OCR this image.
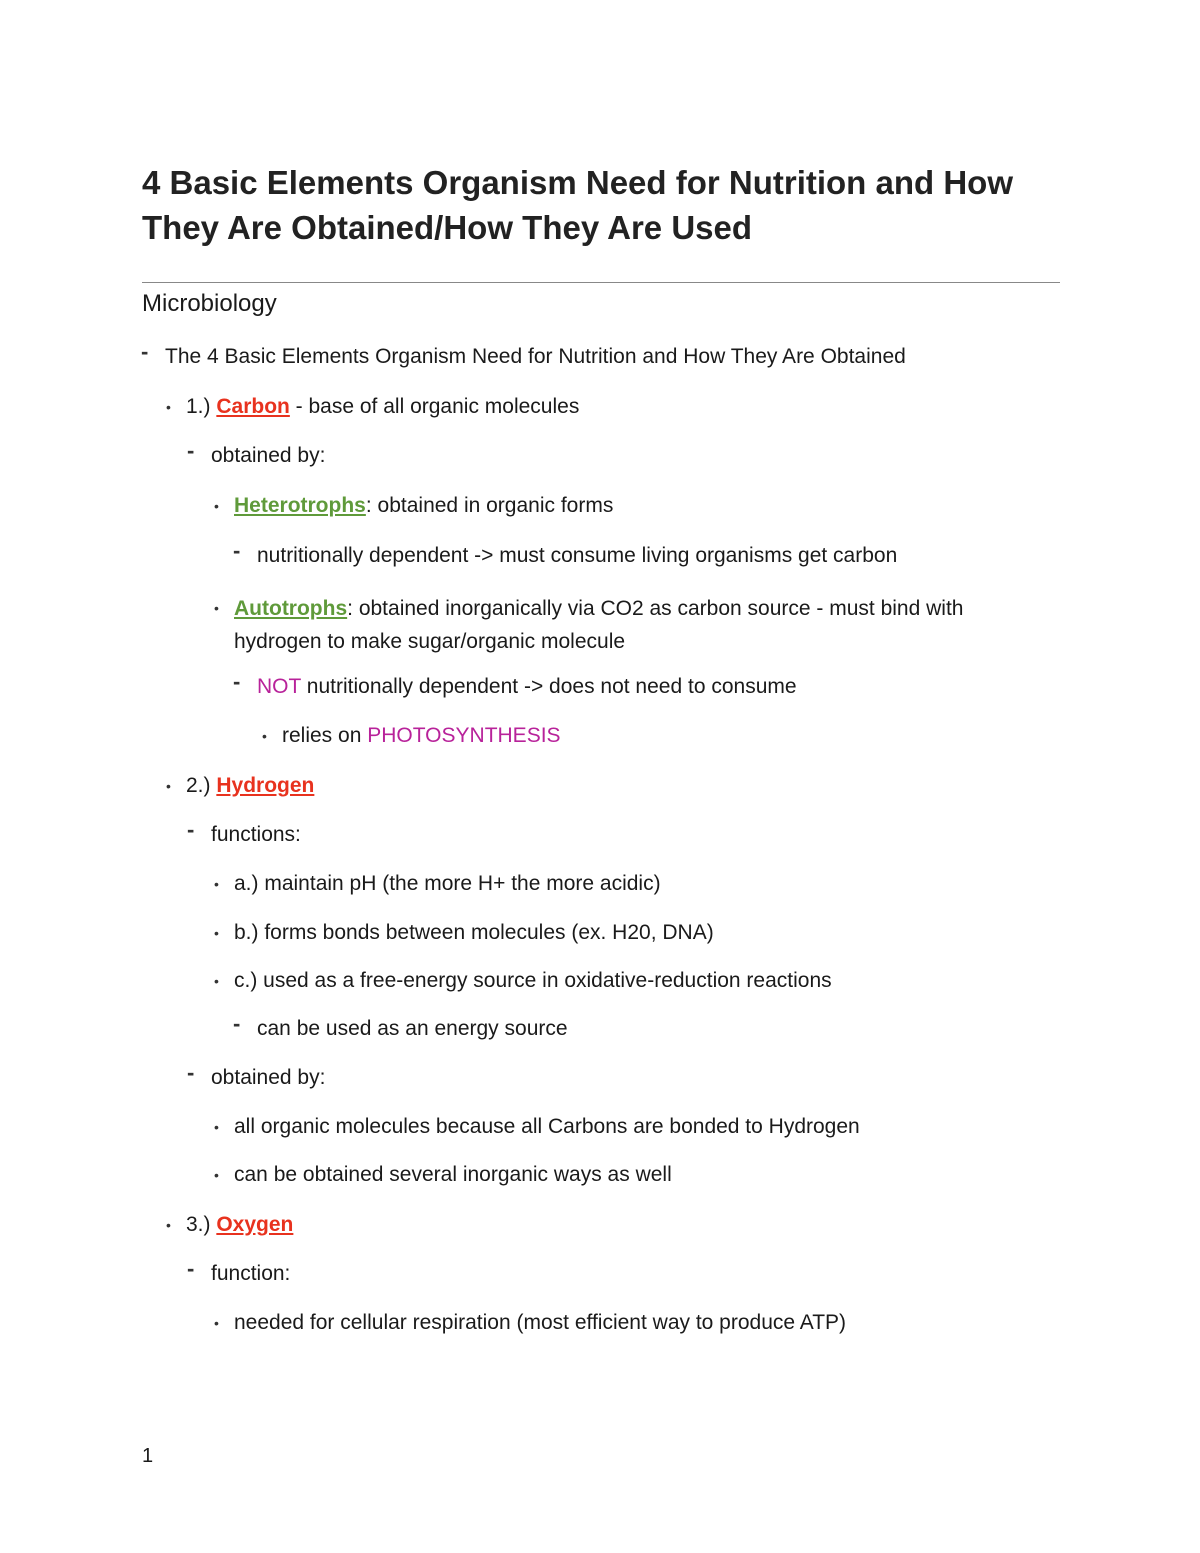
4 Basic Elements Organism Need for Nutrition and How They Are Obtained/How They Are Used
Microbiology
- The 4 Basic Elements Organism Need for Nutrition and How They Are Obtained
• 1.) Carbon - base of all organic molecules
- obtained by:
• Heterotrophs: obtained in organic forms
- nutritionally dependent -> must consume living organisms get carbon
• Autotrophs: obtained inorganically via CO2 as carbon source - must bind with hydrogen to make sugar/organic molecule
- NOT nutritionally dependent -> does not need to consume
• relies on PHOTOSYNTHESIS
• 2.) Hydrogen
- functions:
• a.) maintain pH (the more H+ the more acidic)
• b.) forms bonds between molecules (ex. H20, DNA)
• c.) used as a free-energy source in oxidative-reduction reactions
- can be used as an energy source
- obtained by:
• all organic molecules because all Carbons are bonded to Hydrogen
• can be obtained several inorganic ways as well
• 3.) Oxygen
- function:
• needed for cellular respiration (most efficient way to produce ATP)
1
